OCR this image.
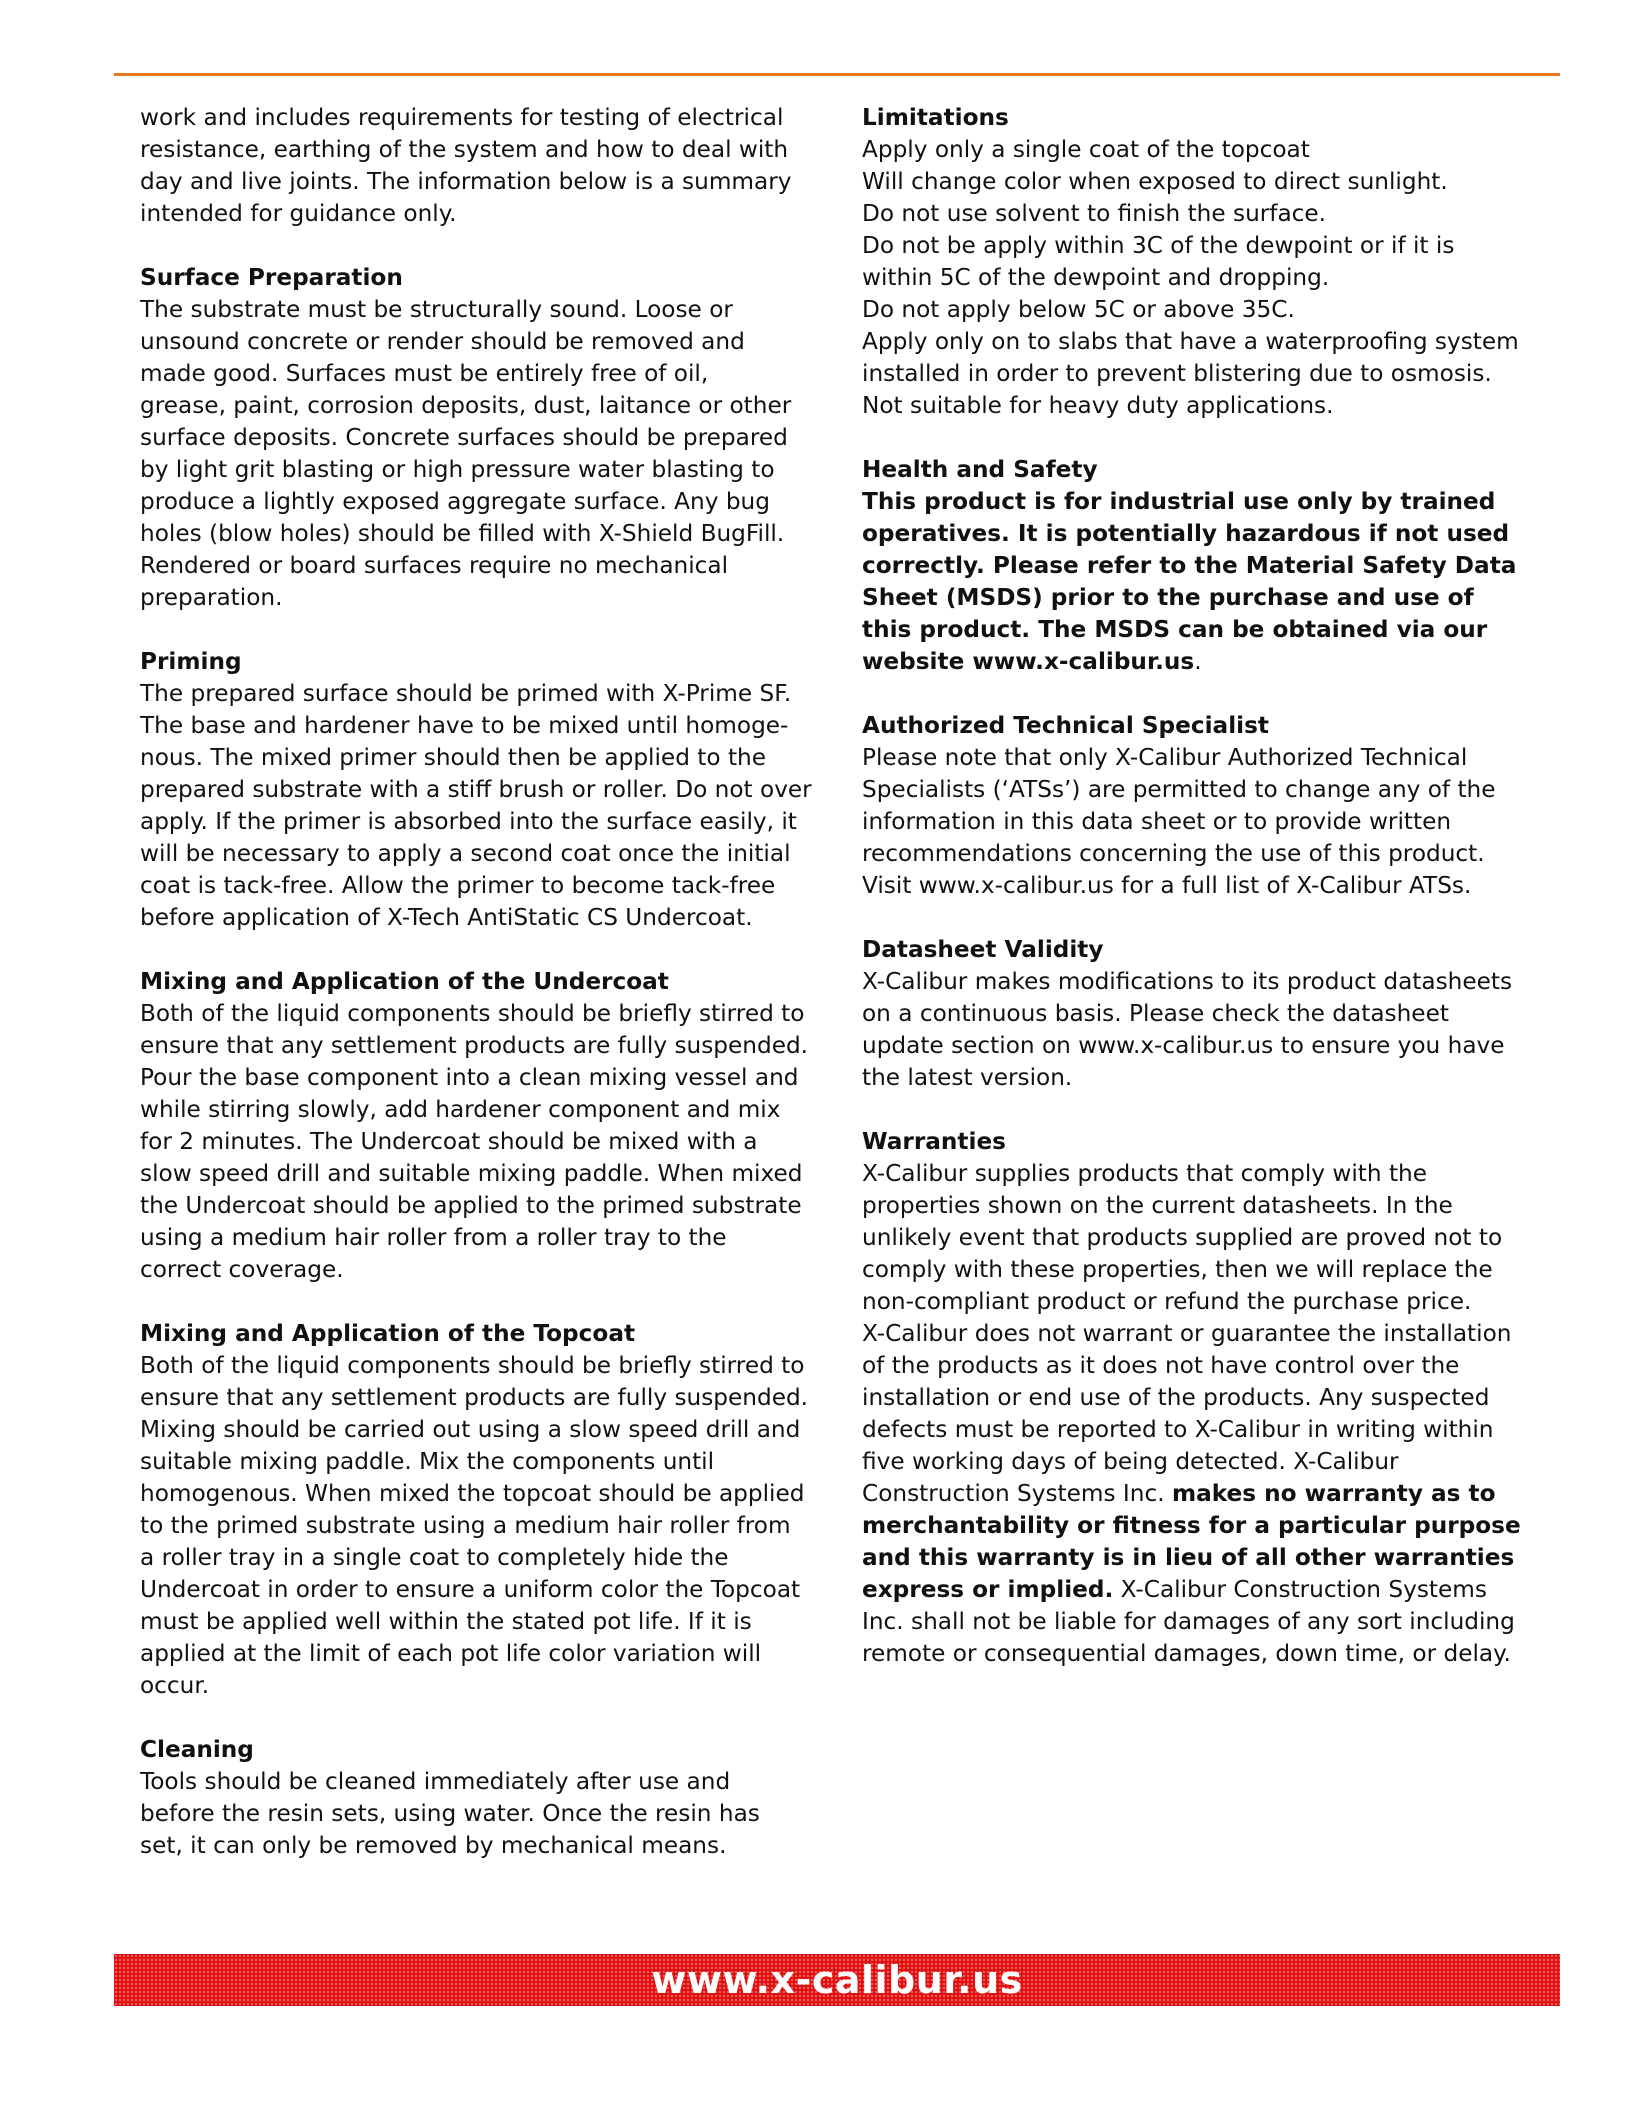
work and includes requirements for testing of electrical
resistance, earthing of the system and how to deal with
day and live joints. The information below is a summary
intended for guidance only.
Surface Preparation
The substrate must be structurally sound. Loose or
unsound concrete or render should be removed and
made good. Surfaces must be entirely free of oil,
grease, paint, corrosion deposits, dust, laitance or other
surface deposits. Concrete surfaces should be prepared
by light grit blasting or high pressure water blasting to
produce a lightly exposed aggregate surface. Any bug
holes (blow holes) should be filled with X-Shield BugFill.
Rendered or board surfaces require no mechanical
preparation.
Priming
The prepared surface should be primed with X-Prime SF.
The base and hardener have to be mixed until homoge-
nous. The mixed primer should then be applied to the
prepared substrate with a stiff brush or roller. Do not over
apply. If the primer is absorbed into the surface easily, it
will be necessary to apply a second coat once the initial
coat is tack-free. Allow the primer to become tack-free
before application of X-Tech AntiStatic CS Undercoat.
Mixing and Application of the Undercoat
Both of the liquid components should be briefly stirred to
ensure that any settlement products are fully suspended.
Pour the base component into a clean mixing vessel and
while stirring slowly, add hardener component and mix
for 2 minutes. The Undercoat should be mixed with a
slow speed drill and suitable mixing paddle. When mixed
the Undercoat should be applied to the primed substrate
using a medium hair roller from a roller tray to the
correct coverage.
Mixing and Application of the Topcoat
Both of the liquid components should be briefly stirred to
ensure that any settlement products are fully suspended.
Mixing should be carried out using a slow speed drill and
suitable mixing paddle. Mix the components until
homogenous. When mixed the topcoat should be applied
to the primed substrate using a medium hair roller from
a roller tray in a single coat to completely hide the
Undercoat in order to ensure a uniform color the Topcoat
must be applied well within the stated pot life. If it is
applied at the limit of each pot life color variation will
occur.
Cleaning
Tools should be cleaned immediately after use and
before the resin sets, using water. Once the resin has
set, it can only be removed by mechanical means.
Limitations
Apply only a single coat of the topcoat
Will change color when exposed to direct sunlight.
Do not use solvent to finish the surface.
Do not be apply within 3C of the dewpoint or if it is
within 5C of the dewpoint and dropping.
Do not apply below 5C or above 35C.
Apply only on to slabs that have a waterproofing system
installed in order to prevent blistering due to osmosis.
Not suitable for heavy duty applications.
Health and Safety
This product is for industrial use only by trained
operatives. It is potentially hazardous if not used
correctly. Please refer to the Material Safety Data
Sheet (MSDS) prior to the purchase and use of
this product. The MSDS can be obtained via our
website www.x-calibur.us.
Authorized Technical Specialist
Please note that only X-Calibur Authorized Technical
Specialists (‘ATSs’) are permitted to change any of the
information in this data sheet or to provide written
recommendations concerning the use of this product.
Visit www.x-calibur.us for a full list of X-Calibur ATSs.
Datasheet Validity
X-Calibur makes modifications to its product datasheets
on a continuous basis. Please check the datasheet
update section on www.x-calibur.us to ensure you have
the latest version.
Warranties
X-Calibur supplies products that comply with the
properties shown on the current datasheets. In the
unlikely event that products supplied are proved not to
comply with these properties, then we will replace the
non-compliant product or refund the purchase price.
X-Calibur does not warrant or guarantee the installation
of the products as it does not have control over the
installation or end use of the products. Any suspected
defects must be reported to X-Calibur in writing within
five working days of being detected. X-Calibur
Construction Systems Inc. makes no warranty as to
merchantability or fitness for a particular purpose
and this warranty is in lieu of all other warranties
express or implied. X-Calibur Construction Systems
Inc. shall not be liable for damages of any sort including
remote or consequential damages, down time, or delay.
www.x-calibur.us
